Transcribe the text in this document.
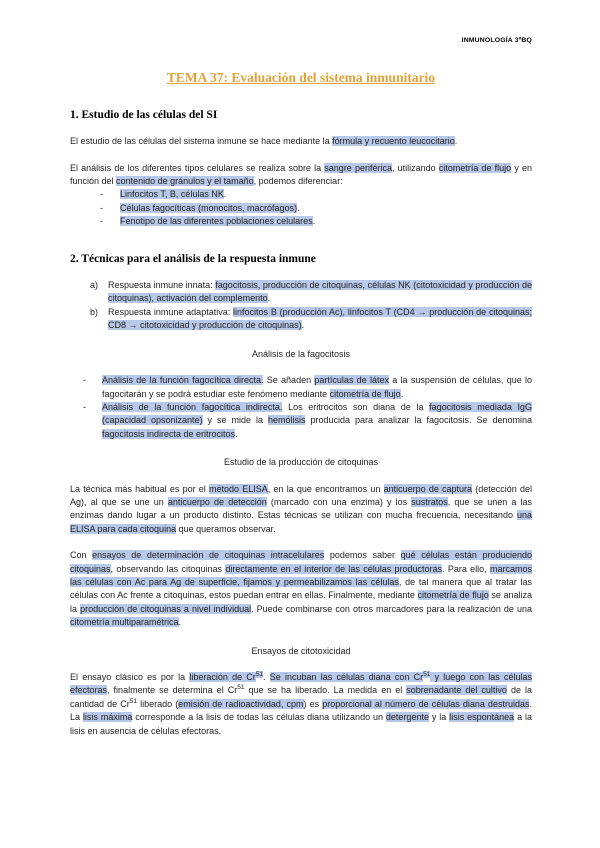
INMUNOLOGÍA 3ºBQ
TEMA 37: Evaluación del sistema inmunitario
1. Estudio de las células del SI
El estudio de las células del sistema inmune se hace mediante la fórmula y recuento leucocitario.
El análisis de los diferentes tipos celulares se realiza sobre la sangre periférica, utilizando citometría de flujo y en función del contenido de gránulos y el tamaño, podemos diferenciar:
-	Linfocitos T, B, células NK.
-	Células fagocíticas (monocitos, macrófagos).
-	Fenotipo de las diferentes poblaciones celulares.
2. Técnicas para el análisis de la respuesta inmune
a)	Respuesta inmune innata: fagocitosis, producción de citoquinas, células NK (citotoxicidad y producción de citoquinas), activación del complemento.
b)	Respuesta inmune adaptativa: linfocitos B (producción Ac), linfocitos T (CD4 → producción de citoquinas; CD8 → citotoxicidad y producción de citoquinas).
Análisis de la fagocitosis
-	Análisis de la función fagocítica directa. Se añaden partículas de látex a la suspensión de células, que lo fagocitarán y se podrá estudiar este fenómeno mediante citometría de flujo.
-	Análisis de la función fagocítica indirecta. Los eritrocitos son diana de la fagocitosis mediada IgG (capacidad opsonizante) y se mide la hemólisis producida para analizar la fagocitosis. Se denomina fagocitosis indirecta de eritrocitos.
Estudio de la producción de citoquinas
La técnica más habitual es por el método ELISA, en la que encontramos un anticuerpo de captura (detección del Ag), al que se une un anticuerpo de detección (marcado con una enzima) y los sustratos, que se unen a las enzimas dando lugar a un producto distinto. Estas técnicas se utilizan con mucha frecuencia, necesitando una ELISA para cada citoquina que queramos observar.
Con ensayos de determinación de citoquinas intracelulares podemos saber qué células están produciendo citoquinas, observando las citoquinas directamente en el interior de las células productoras. Para ello, marcamos las células con Ac para Ag de superficie, fijamos y permeabilizamos las células, de tal manera que al tratar las células con Ac frente a citoquinas, estos puedan entrar en ellas. Finalmente, mediante citometría de flujo se analiza la producción de citoquinas a nivel individual. Puede combinarse con otros marcadores para la realización de una citometría multiparamétrica.
Ensayos de citotoxicidad
El ensayo clásico es por la liberación de Cr$^{51}$. Se incuban las células diana con Cr$^{51}$ y luego con las células efectoras, finalmente se determina el Cr$^{51}$ que se ha liberado. La medida en el sobrenadante del cultivo de la cantidad de Cr$^{51}$ liberado (emisión de radioactividad, cpm) es proporcional al número de células diana destruidas. La lisis máxima corresponde a la lisis de todas las células diana utilizando un detergente y la lisis espontánea a la lisis en ausencia de células efectoras.
